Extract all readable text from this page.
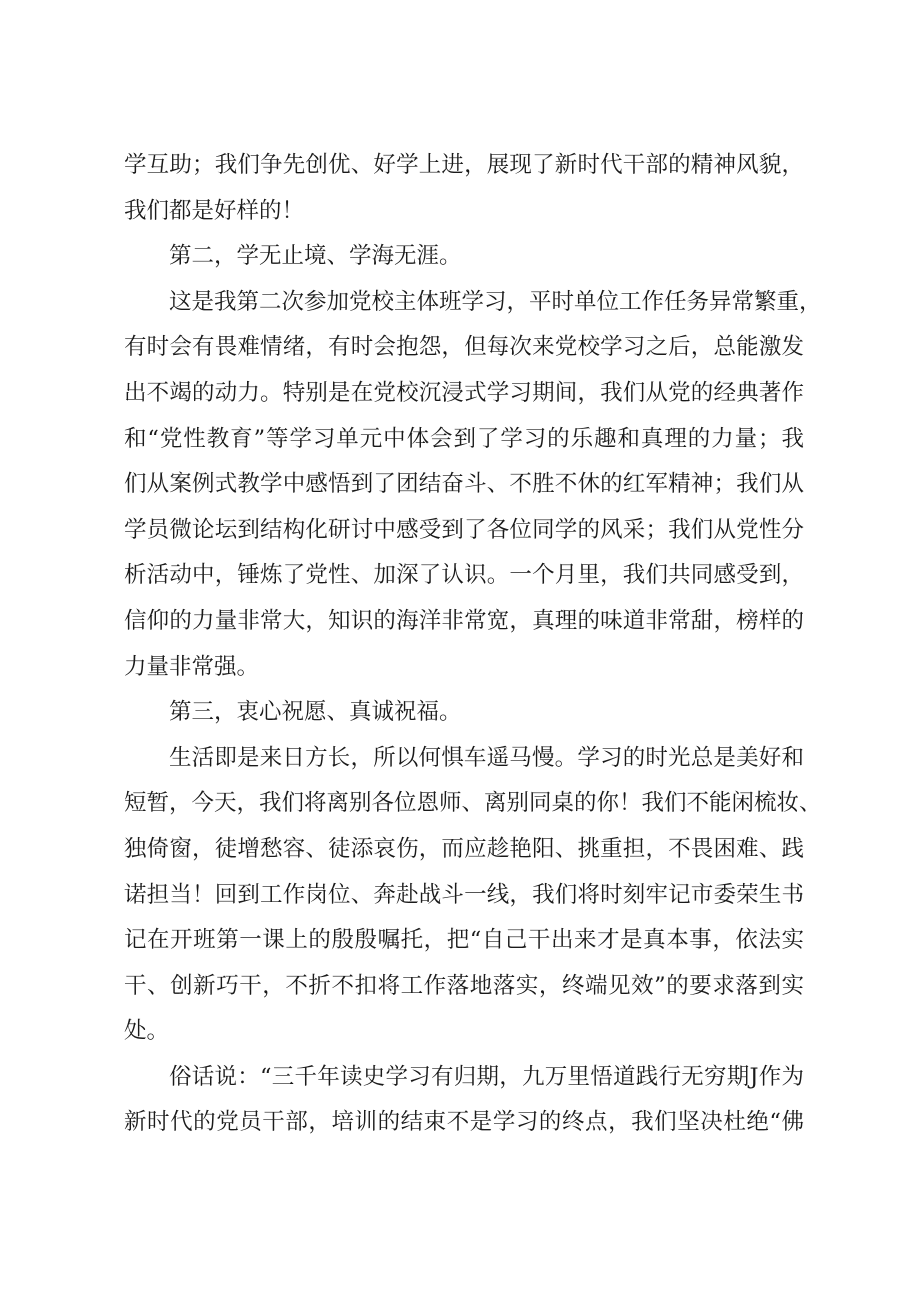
学互助；我们争先创优、好学上进，展现了新时代干部的精神风貌，
我们都是好样的！
第二，学无止境、学海无涯。
这是我第二次参加党校主体班学习，平时单位工作任务异常繁重，
有时会有畏难情绪，有时会抱怨，但每次来党校学习之后，总能激发
出不竭的动力。特别是在党校沉浸式学习期间，我们从党的经典著作
和“党性教育”等学习单元中体会到了学习的乐趣和真理的力量；我
们从案例式教学中感悟到了团结奋斗、不胜不休的红军精神；我们从
学员微论坛到结构化研讨中感受到了各位同学的风采；我们从党性分
析活动中，锤炼了党性、加深了认识。一个月里，我们共同感受到，
信仰的力量非常大，知识的海洋非常宽，真理的味道非常甜，榜样的
力量非常强。
第三，衷心祝愿、真诚祝福。
生活即是来日方长，所以何惧车遥马慢。学习的时光总是美好和
短暂，今天，我们将离别各位恩师、离别同桌的你！我们不能闲梳妆、
独倚窗，徒增愁容、徒添哀伤，而应趁艳阳、挑重担，不畏困难、践
诺担当！回到工作岗位、奔赴战斗一线，我们将时刻牢记市委荣生书
记在开班第一课上的殷殷嘱托，把“自己干出来才是真本事，依法实
干、创新巧干，不折不扣将工作落地落实，终端见效”的要求落到实
处。
俗话说：“三千年读史学习有归期，九万里悟道践行无穷期J作为
新时代的党员干部，培训的结束不是学习的终点，我们坚决杜绝“佛
